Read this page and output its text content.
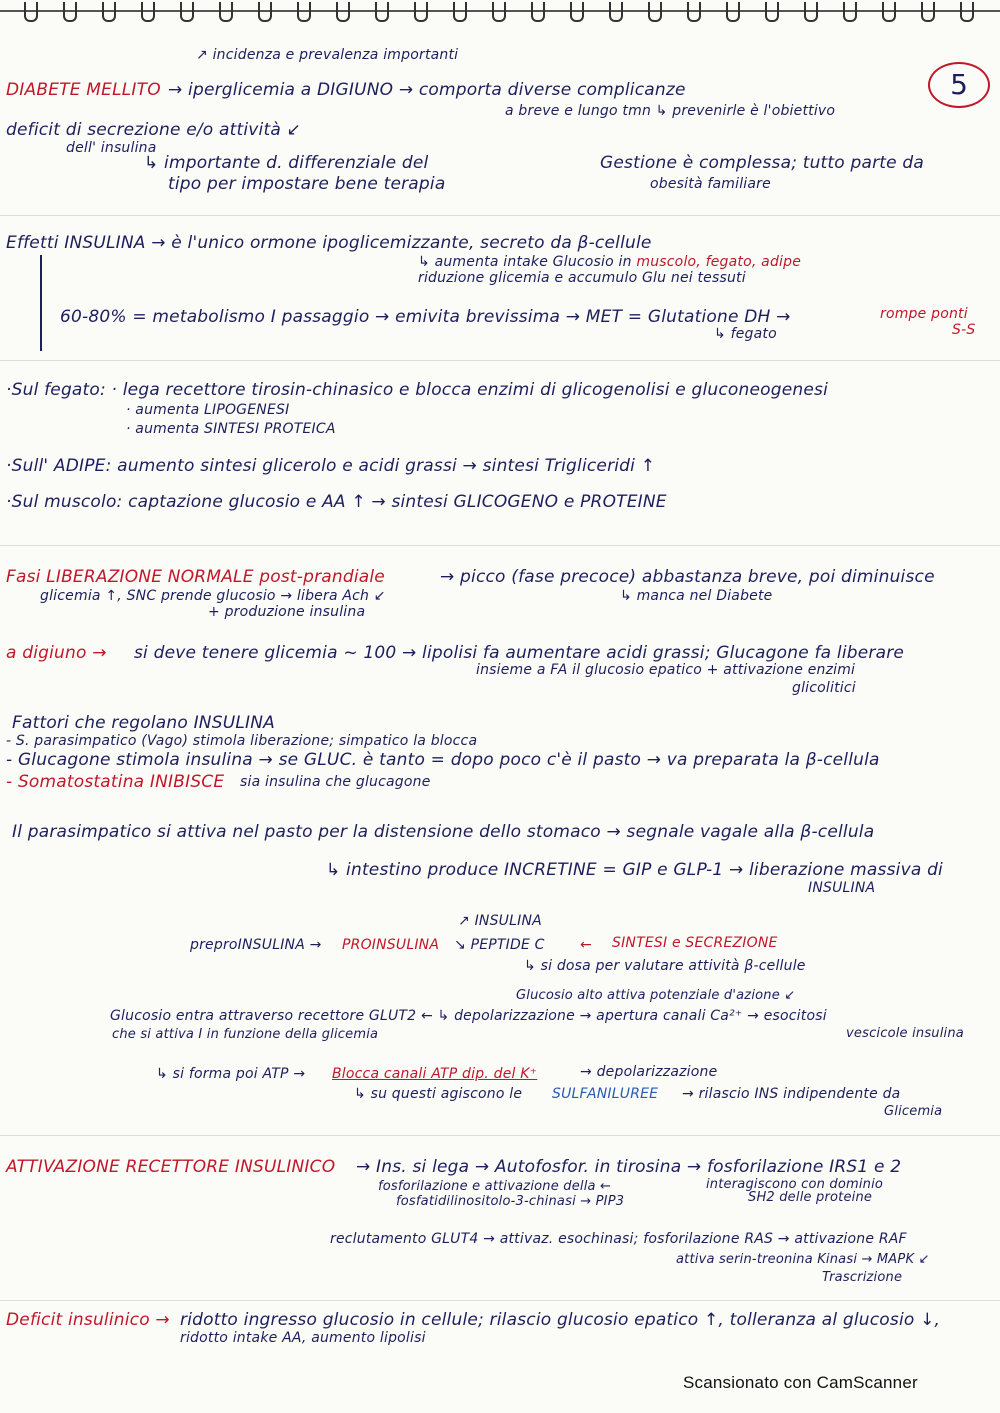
5
↗ incidenza e prevalenza importanti
DIABETE MELLITO → iperglicemia a DIGIUNO → comporta diverse complicanze
a breve e lungo tmn ↳ prevenirle è l'obiettivo
deficit di secrezione e/o attività ↙
dell' insulina
↳ importante d. differenziale del
tipo per impostare bene terapia
Gestione è complessa; tutto parte da
obesità familiare
Effetti INSULINA → è l'unico ormone ipoglicemizzante, secreto da β-cellule
↳ aumenta intake Glucosio in muscolo, fegato, adipe
riduzione glicemia e accumulo Glu nei tessuti
60-80% = metabolismo I passaggio → emivita brevissima → MET = Glutatione DH →	rompe ponti
S-S
↳ fegato
·Sul fegato: · lega recettore tirosin-chinasico e blocca enzimi di glicogenolisi e gluconeogenesi
· aumenta LIPOGENESI
· aumenta SINTESI PROTEICA
·Sull' ADIPE: aumento sintesi glicerolo e acidi grassi → sintesi Trigliceridi ↑
·Sul muscolo: captazione glucosio e AA ↑ → sintesi GLICOGENO e PROTEINE
Fasi LIBERAZIONE NORMALE post-prandiale	→ picco (fase precoce) abbastanza breve, poi diminuisce
glicemia ↑, SNC prende glucosio → libera Ach ↙	↳ manca nel Diabete
+ produzione insulina
a digiuno → si deve tenere glicemia ~ 100 → lipolisi fa aumentare acidi grassi; Glucagone fa liberare
insieme a FA il glucosio epatico + attivazione enzimi
glicolitici
Fattori che regolano INSULINA
- S. parasimpatico (Vago) stimola liberazione; simpatico la blocca
- Glucagone stimola insulina → se GLUC. è tanto = dopo poco c'è il pasto → va preparata la β-cellula
- Somatostatina INIBISCE sia insulina che glucagone
Il parasimpatico si attiva nel pasto per la distensione dello stomaco → segnale vagale alla β-cellula
↳ intestino produce INCRETINE = GIP e GLP-1 → liberazione massiva di
INSULINA
↗ INSULINA
preproINSULINA → PROINSULINA ↘ PEPTIDE C	← SINTESI e SECREZIONE
↳ si dosa per valutare attività β-cellule
Glucosio alto attiva potenziale d'azione ↙
Glucosio entra attraverso recettore GLUT2 ← ↳ depolarizzazione → apertura canali Ca²⁺ → esocitosi
che si attiva I in funzione della glicemia	vescicole insulina
↳ si forma poi ATP → Blocca canali ATP dip. del K⁺	→ depolarizzazione
↳ su questi agiscono le SULFANILUREE → rilascio INS indipendente da
Glicemia
ATTIVAZIONE RECETTORE INSULINICO → Ins. si lega → Autofosfor. in tirosina → fosforilazione IRS1 e 2
fosforilazione e attivazione della ←	interagiscono con dominio
fosfatidilinositolo-3-chinasi → PIP3	SH2 delle proteine
reclutamento GLUT4 → attivaz. esochinasi; fosforilazione RAS → attivazione RAF
attiva serin-treonina Kinasi → MAPK ↙
Trascrizione
Deficit insulinico → ridotto ingresso glucosio in cellule; rilascio glucosio epatico ↑, tolleranza al glucosio ↓,
ridotto intake AA, aumento lipolisi
Scansionato con CamScanner
